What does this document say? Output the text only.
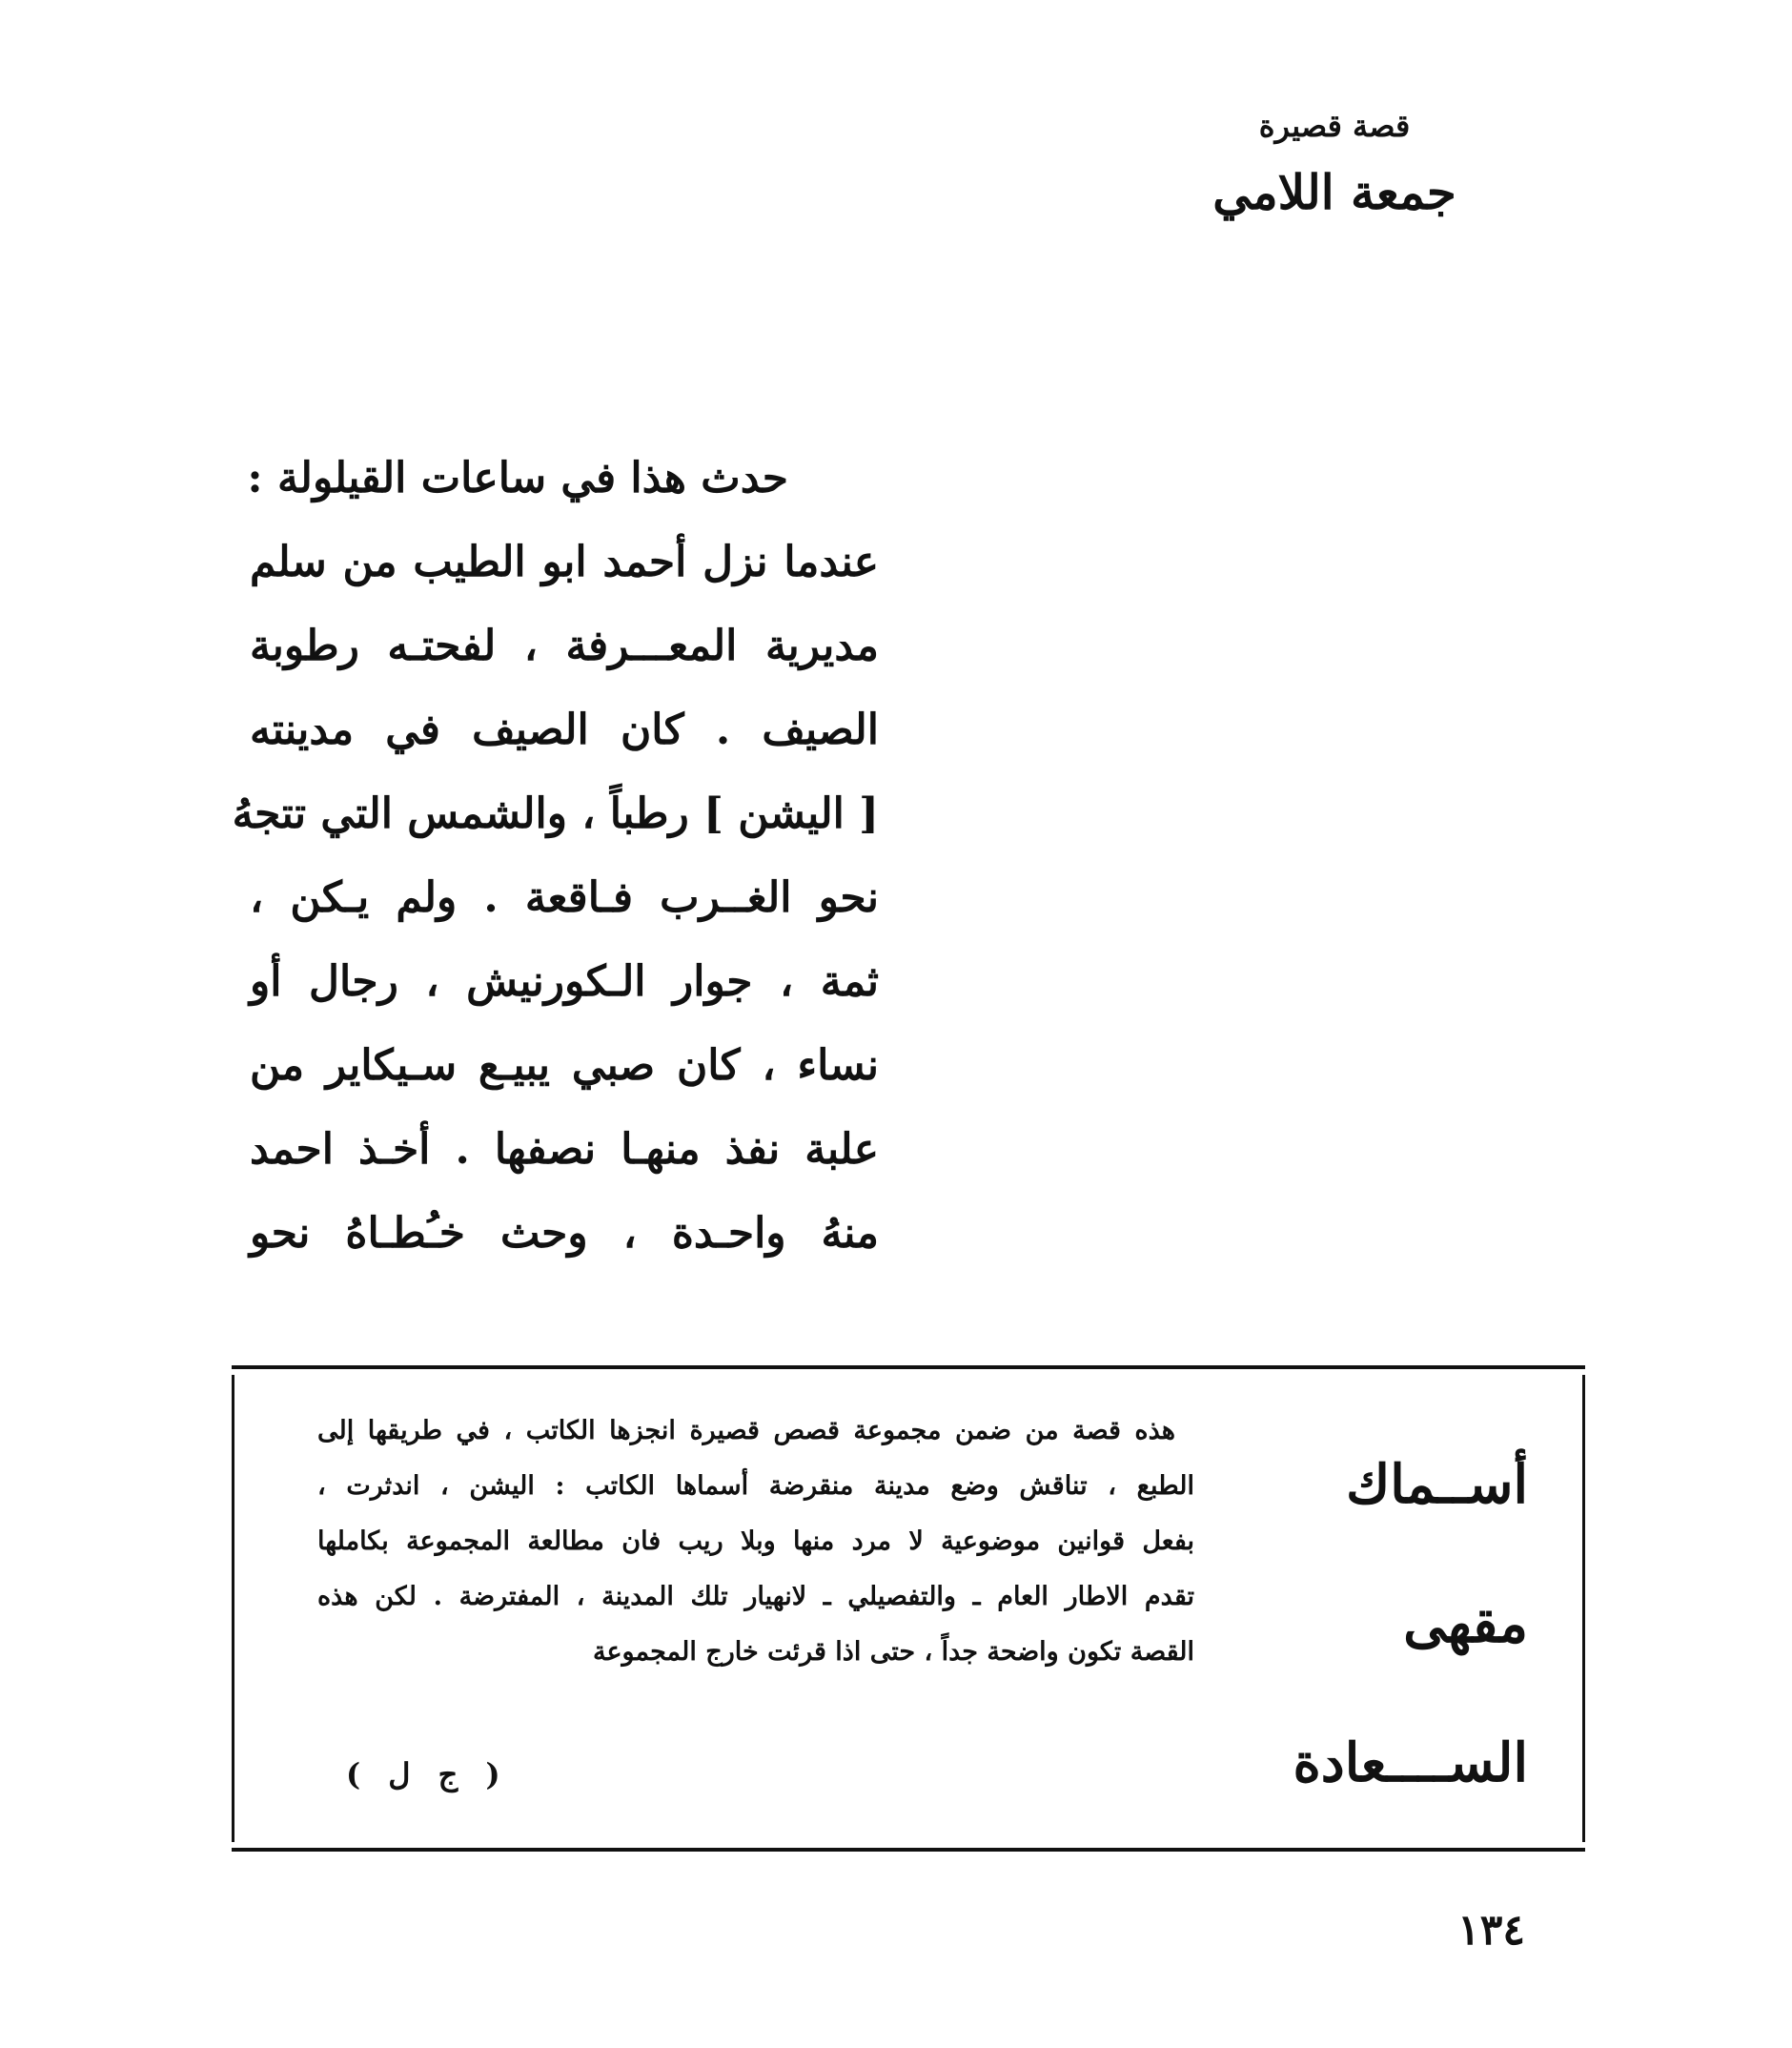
قصة قصيرة
جمعة اللامي
حدث هذا في ساعات القيلولة :
عندما نزل أحمد ابو الطيب من سلم
مديرية المعـــرفة ، لفحتـه رطوبة
الصيف . كان الصيف في مدينته
[ اليشن ] رطباً ، والشمس التي تتجهُ
نحو الغــرب فـاقعة . ولم يـكن ،
ثمة ، جوار الـكورنيش ، رجال أو
نساء ، كان صبي يبيـع سـيكاير من
علبة نفذ منهـا نصفها . أخـذ احمد
منهُ واحـدة ، وحث خـُطـاهُ نحو
أســماك
مقهى
الســــعادة
هذه قصة من ضمن مجموعة قصص قصيرة انجزها الكاتب ، في طريقها إلى
الطبع ، تناقش وضع مدينة منقرضة أسماها الكاتب : اليشن ، اندثرت ،
بفعل قوانين موضوعية لا مرد منها وبلا ريب فان مطالعة المجموعة بكاملها
تقدم الاطار العام ـ والتفصيلي ـ لانهيار تلك المدينة ، المفترضة . لكن هذه
القصة تكون واضحة جداً ، حتى اذا قرئت خارج المجموعة
( ج ل )
١٣٤
